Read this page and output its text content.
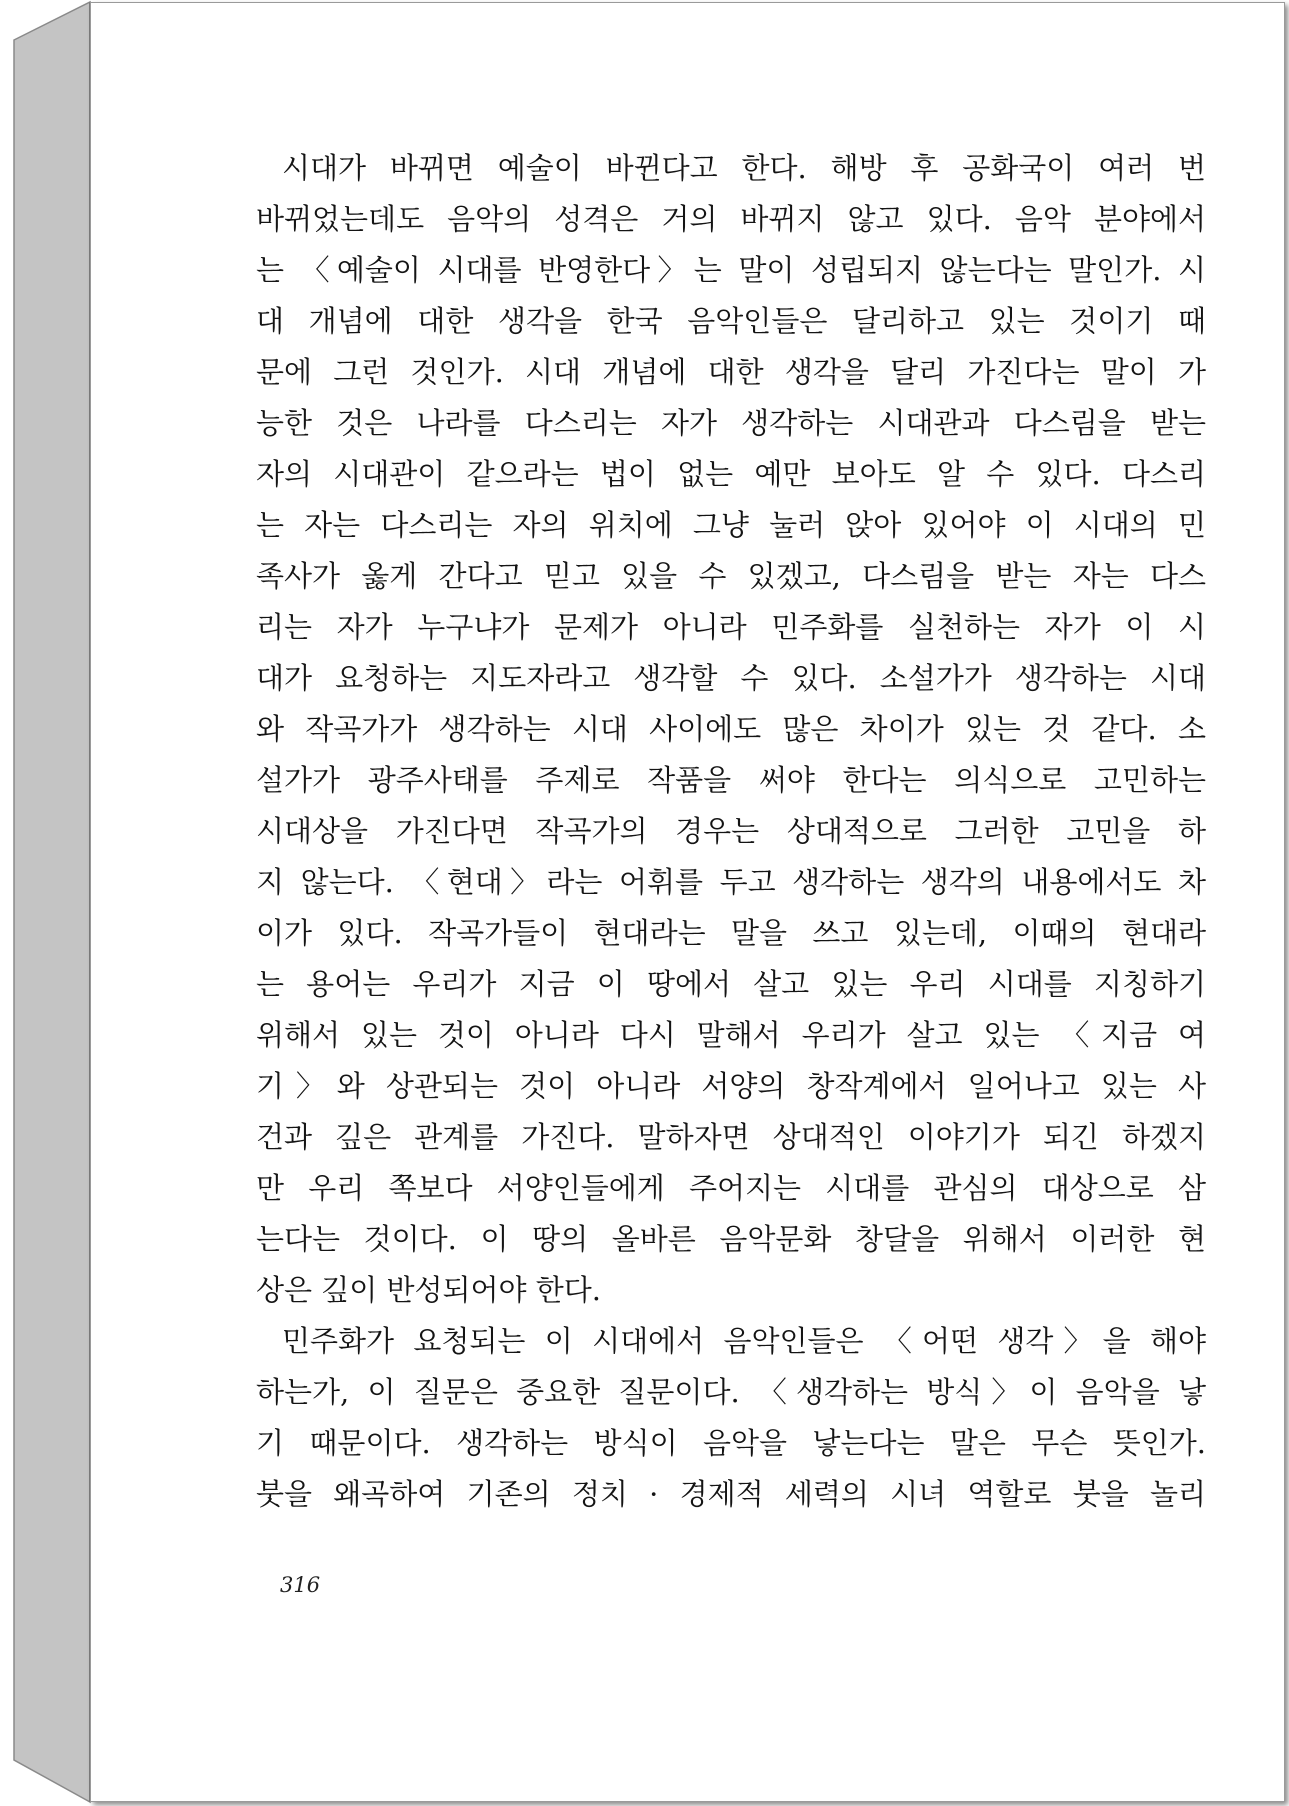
시대가 바뀌면 예술이 바뀐다고 한다. 해방 후 공화국이 여러 번
바뀌었는데도 음악의 성격은 거의 바뀌지 않고 있다. 음악 분야에서
는 〈예술이 시대를 반영한다〉는 말이 성립되지 않는다는 말인가. 시
대 개념에 대한 생각을 한국 음악인들은 달리하고 있는 것이기 때
문에 그런 것인가. 시대 개념에 대한 생각을 달리 가진다는 말이 가
능한 것은 나라를 다스리는 자가 생각하는 시대관과 다스림을 받는
자의 시대관이 같으라는 법이 없는 예만 보아도 알 수 있다. 다스리
는 자는 다스리는 자의 위치에 그냥 눌러 앉아 있어야 이 시대의 민
족사가 옳게 간다고 믿고 있을 수 있겠고, 다스림을 받는 자는 다스
리는 자가 누구냐가 문제가 아니라 민주화를 실천하는 자가 이 시
대가 요청하는 지도자라고 생각할 수 있다. 소설가가 생각하는 시대
와 작곡가가 생각하는 시대 사이에도 많은 차이가 있는 것 같다. 소
설가가 광주사태를 주제로 작품을 써야 한다는 의식으로 고민하는
시대상을 가진다면 작곡가의 경우는 상대적으로 그러한 고민을 하
지 않는다. 〈현대〉라는 어휘를 두고 생각하는 생각의 내용에서도 차
이가 있다. 작곡가들이 현대라는 말을 쓰고 있는데, 이때의 현대라
는 용어는 우리가 지금 이 땅에서 살고 있는 우리 시대를 지칭하기
위해서 있는 것이 아니라 다시 말해서 우리가 살고 있는 〈지금 여
기〉와 상관되는 것이 아니라 서양의 창작계에서 일어나고 있는 사
건과 깊은 관계를 가진다. 말하자면 상대적인 이야기가 되긴 하겠지
만 우리 쪽보다 서양인들에게 주어지는 시대를 관심의 대상으로 삼
는다는 것이다. 이 땅의 올바른 음악문화 창달을 위해서 이러한 현
상은 깊이 반성되어야 한다.
민주화가 요청되는 이 시대에서 음악인들은 〈어떤 생각〉을 해야
하는가, 이 질문은 중요한 질문이다. 〈생각하는 방식〉이 음악을 낳
기 때문이다. 생각하는 방식이 음악을 낳는다는 말은 무슨 뜻인가.
붓을 왜곡하여 기존의 정치 · 경제적 세력의 시녀 역할로 붓을 놀리
316
